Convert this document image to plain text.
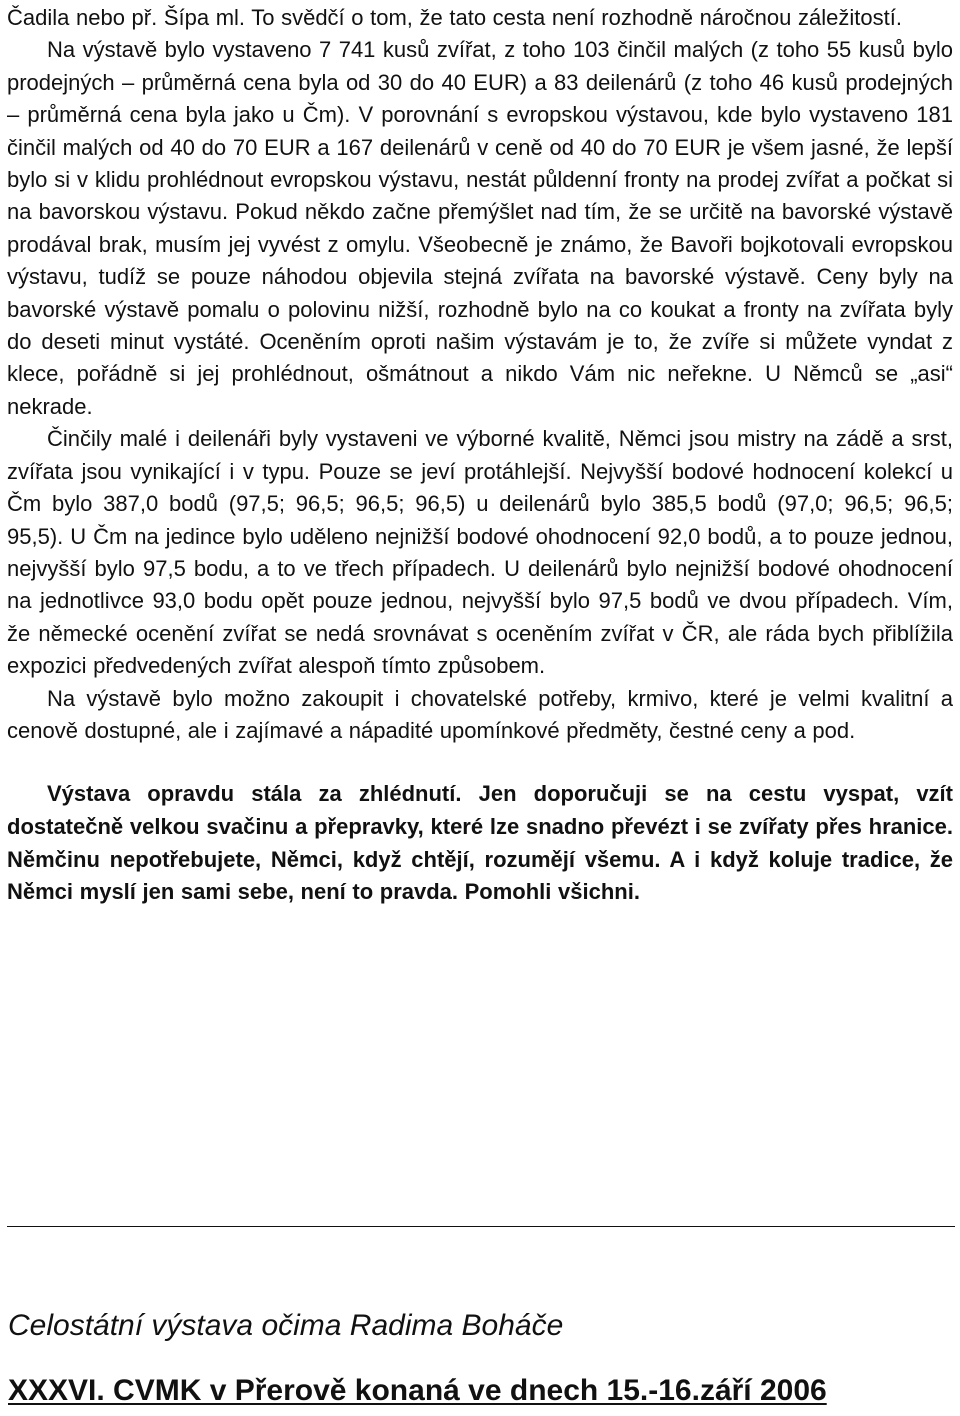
Čadila nebo př. Šípa ml. To svědčí o tom, že tato cesta není rozhodně náročnou záležitostí.

Na výstavě bylo vystaveno 7 741 kusů zvířat, z toho 103 činčil malých (z toho 55 kusů bylo prodejných – průměrná cena byla od 30 do 40 EUR) a 83 deilenárů (z toho 46 kusů prodejných – průměrná cena byla jako u Čm). V porovnání s evropskou výstavou, kde bylo vystaveno 181 činčil malých od 40 do 70 EUR a 167 deilenárů v ceně od 40 do 70 EUR je všem jasné, že lepší bylo si v klidu prohlédnout evropskou výstavu, nestát půldenní fronty na prodej zvířat a počkat si na bavorskou výstavu. Pokud někdo začne přemýšlet nad tím, že se určitě na bavorské výstavě prodával brak, musím jej vyvést z omylu. Všeobecně je známo, že Bavoři bojkotovali evropskou výstavu, tudíž se pouze náhodou objevila stejná zvířata na bavorské výstavě. Ceny byly na bavorské výstavě pomalu o polovinu nižší, rozhodně bylo na co koukat a fronty na zvířata byly do deseti minut vystáté. Oceněním oproti našim výstavám je to, že zvíře si můžete vyndat z klece, pořádně si jej prohlédnout, ošmátnout a nikdo Vám nic neřekne. U Němců se „asi“ nekrade.

Činčily malé i deilenáři byly vystaveni ve výborné kvalitě, Němci jsou mistry na zádě a srst, zvířata jsou vynikající i v typu. Pouze se jeví protáhlejší. Nejvyšší bodové hodnocení kolekcí u Čm bylo 387,0 bodů (97,5; 96,5; 96,5; 96,5) u deilenárů bylo 385,5 bodů (97,0; 96,5; 96,5; 95,5). U Čm na jedince bylo uděleno nejnižší bodové ohodnocení 92,0 bodů, a to pouze jednou, nejvyšší bylo 97,5 bodu, a to ve třech případech. U deilenárů bylo nejnižší bodové ohodnocení na jednotlivce 93,0 bodu opět pouze jednou, nejvyšší bylo 97,5 bodů ve dvou případech. Vím, že německé ocenění zvířat se nedá srovnávat s oceněním zvířat v ČR, ale ráda bych přiblížila expozici předvedených zvířat alespoň tímto způsobem.

Na výstavě bylo možno zakoupit i chovatelské potřeby, krmivo, které je velmi kvalitní a cenově dostupné, ale i zajímavé a nápadité upomínkové předměty, čestné ceny a pod.

Výstava opravdu stála za zhlédnutí. Jen doporučuji se na cestu vyspat, vzít dostatečně velkou svačinu a přepravky, které lze snadno převézt i se zvířaty přes hranice. Němčinu nepotřebujete, Němci, když chtějí, rozumějí všemu. A i když koluje tradice, že Němci myslí jen sami sebe, není to pravda. Pomohli všichni.

Celostátní výstava očima Radima Boháče

XXXVI. CVMK v Přerově konaná ve dnech 15.-16.září 2006
